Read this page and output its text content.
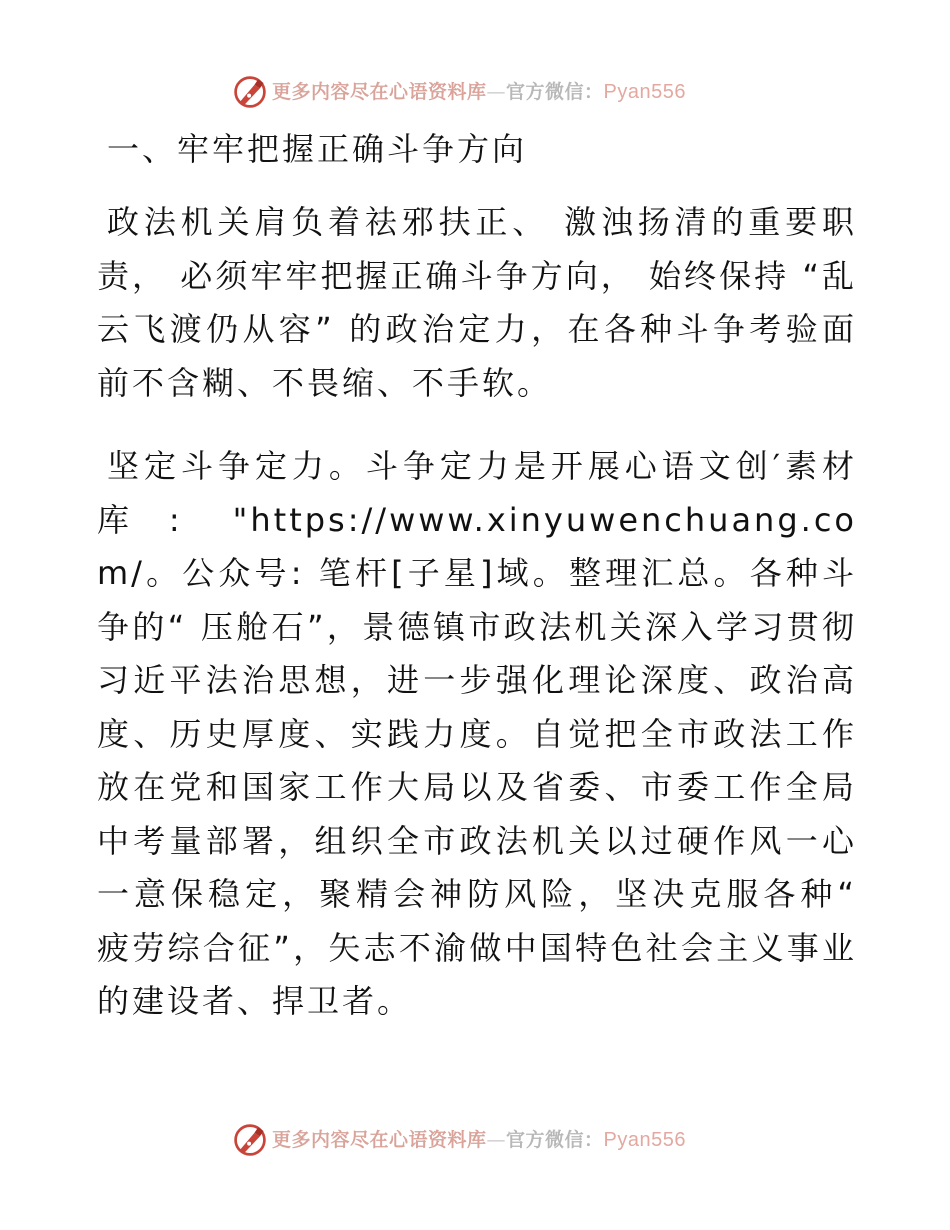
更多内容尽在心语资料库 — 官方微信： Pyan556
一、牢牢把握正确斗争方向

政法机关肩负着祛邪扶正、 激浊扬清的重要职责， 必须牢牢把握正确斗争方向， 始终保持 “乱云飞渡仍从容” 的政治定力，在各种斗争考验面前不含糊、不畏缩、不手软。

坚定斗争定力。斗争定力是开展心语文创′素材库: "https://www.xinyuwenchuang.com/。公众号: 笔杆[子星]域。整理汇总。各种斗争的“ 压舱石”，景德镇市政法机关深入学习贯彻习近平法治思想，进一步强化理论深度、政治高度、历史厚度、实践力度。自觉把全市政法工作放在党和国家工作大局以及省委、市委工作全局中考量部署，组织全市政法机关以过硬作风一心一意保稳定，聚精会神防风险，坚决克服各种“ 疲劳综合征”，矢志不渝做中国特色社会主义事业的建设者、捍卫者。

更多内容尽在心语资料库 — 官方微信： Pyan556
